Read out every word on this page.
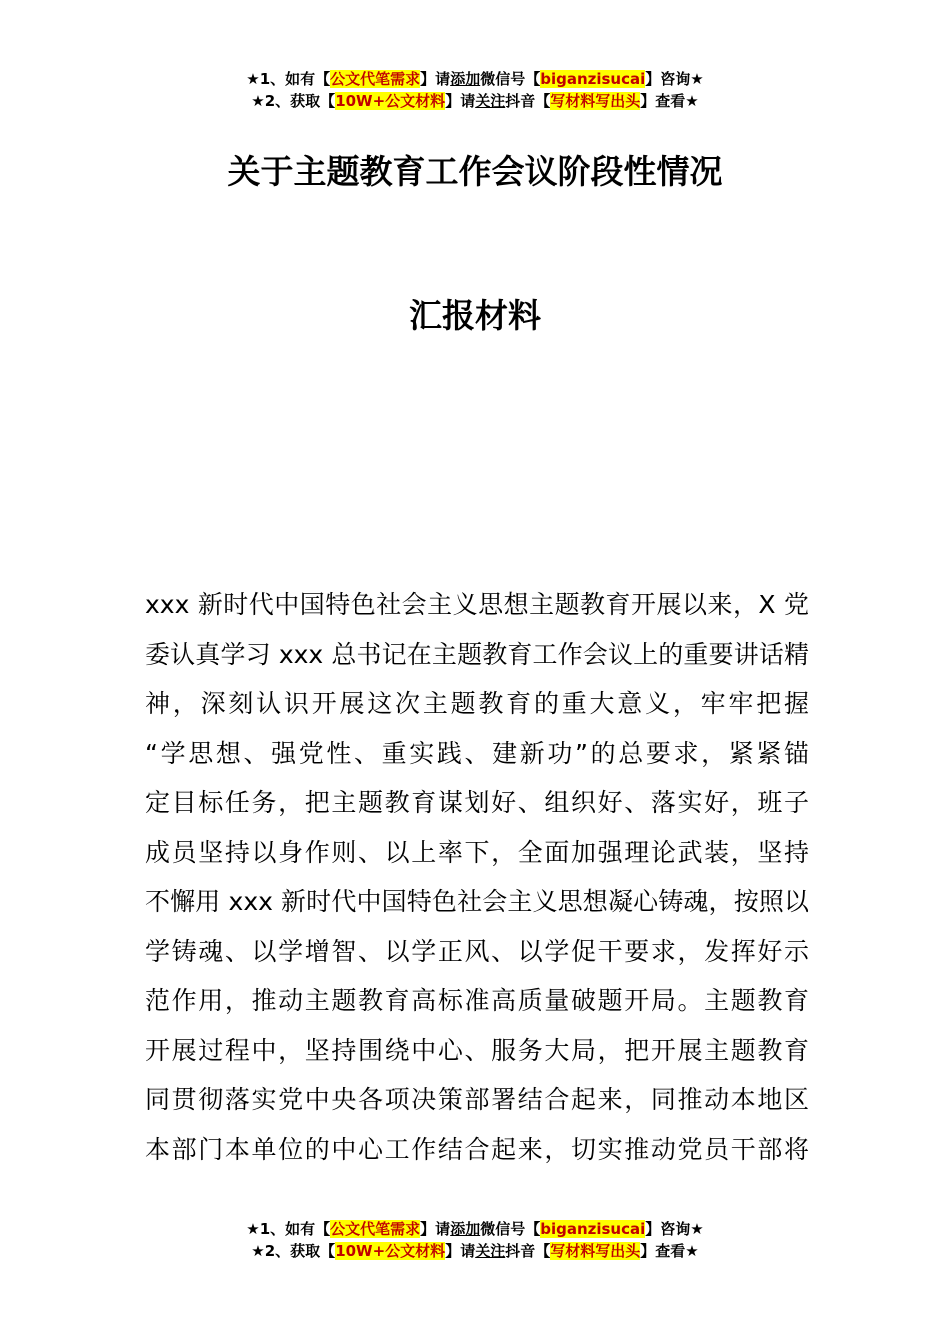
★1、如有【公文代笔需求】请添加微信号【biganzisucai】咨询★
★2、获取【10W+公文材料】请关注抖音【写材料写出头】查看★
关于主题教育工作会议阶段性情况
汇报材料
xxx 新时代中国特色社会主义思想主题教育开展以来，X 党
委认真学习 xxx 总书记在主题教育工作会议上的重要讲话精
神，深刻认识开展这次主题教育的重大意义，牢牢把握
“学思想、强党性、重实践、建新功”的总要求，紧紧锚
定目标任务，把主题教育谋划好、组织好、落实好，班子
成员坚持以身作则、以上率下，全面加强理论武装，坚持
不懈用 xxx 新时代中国特色社会主义思想凝心铸魂，按照以
学铸魂、以学增智、以学正风、以学促干要求，发挥好示
范作用，推动主题教育高标准高质量破题开局。主题教育
开展过程中，坚持围绕中心、服务大局，把开展主题教育
同贯彻落实党中央各项决策部署结合起来，同推动本地区
本部门本单位的中心工作结合起来，切实推动党员干部将
★1、如有【公文代笔需求】请添加微信号【biganzisucai】咨询★
★2、获取【10W+公文材料】请关注抖音【写材料写出头】查看★
